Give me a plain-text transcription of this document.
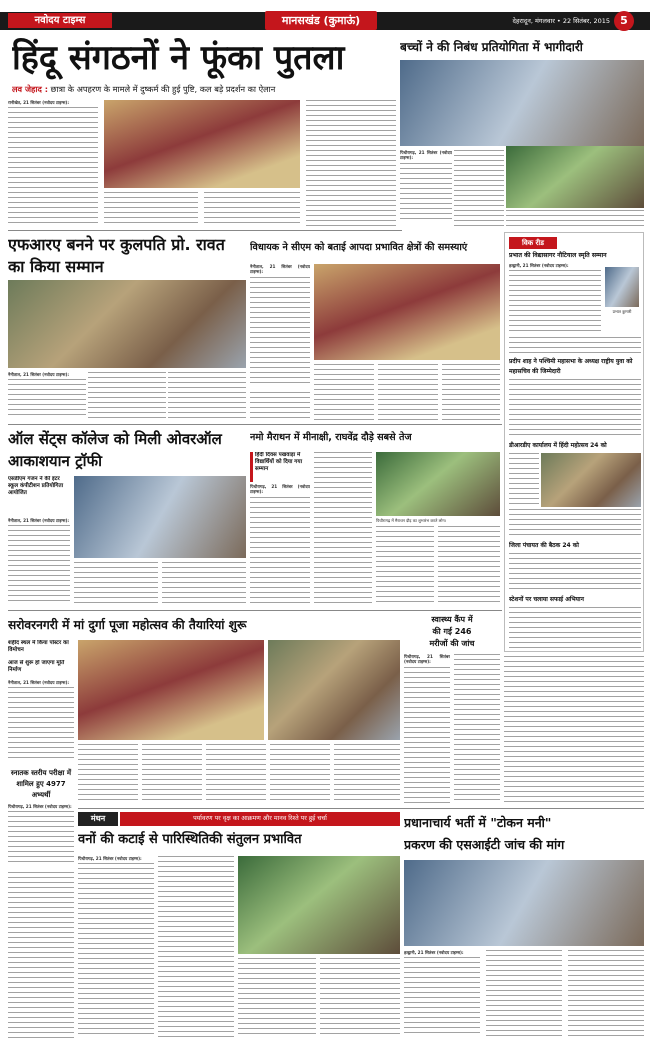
नवोदय टाइम्स	मानसखंड (कुमाऊं)	देहरादून, मंगलवार • 22 सितंबर, 2015 5
हिंदू संगठनों ने फूंका पुतला
लव जेहाद : छात्रा के अपहरण के मामले में दुष्कर्म की हुई पुष्टि, कल बड़े प्रदर्शन का ऐलान
रानीखेत, 21 सितंबर (नवोदय टाइम्स):
बच्चों ने की निबंध प्रतियोगिता में भागीदारी
पिथौरागढ़, 21 सितंबर (नवोदय टाइम्स):
एफआरए बनने पर कुलपति प्रो. रावत का किया सम्मान
नैनीताल, 21 सितंबर (नवोदय टाइम्स):
विधायक ने सीएम को बताई आपदा प्रभावित क्षेत्रों की समस्याएं
नैनीताल, 21 सितंबर (नवोदय टाइम्स):
विक रीड
प्रभात की विद्यासागर नौटियाल स्मृति सम्मान
हल्द्वानी, 21 सितंबर (नवोदय टाइम्स):
प्रभात कुमारी
प्रदीप शाह ने पश्चिमी महासभा के अध्यक्ष राष्ट्रीय युवा को महासचिव की जिम्मेदारी
डीआरडीए कार्यालय में हिंदी महोत्सव 24 को
जिला पंचायत की बैठक 24 को
स्टेशनों पर चलाया सफाई अभियान
ऑल सेंट्स कॉलेज को मिली ओवरऑल आकाशयान ट्रॉफी
एसडीएम गंजन ने की इंटर स्कूल कंपीटीशन प्रतियोगिता आयोजित
नैनीताल, 21 सितंबर (नवोदय टाइम्स):
नमो मैराथन में मीनाक्षी, राघवेंद्र दौड़े सबसे तेज
हिंदी दिवस पखवाड़ा में विद्यार्थियों को दिया गया सम्मान
पिथौरागढ़, 21 सितंबर (नवोदय टाइम्स):
पिथौरागढ़ में मैराथन दौड़ का शुभारंभ करते लोग।
सरोवरनगरी में मां दुर्गा पूजा महोत्सव की तैयारियां शुरू
शहीद स्थल में किया पोस्टर का विमोचन
आज से शुरू हो जाएगा मूर्ति निर्माण
नैनीताल, 21 सितंबर (नवोदय टाइम्स):
स्नातक स्तरीय परीक्षा में शामिल हुए 4977 अभ्यर्थी
पिथौरागढ़, 21 सितंबर (नवोदय टाइम्स):
स्वास्थ्य कैंप में
की गई 246
मरीजों की जांच
पिथौरागढ़, 21 सितंबर (नवोदय टाइम्स):
मंथन	पर्यावरण पर वृक्ष का आक्रमण और मानव रिश्ते पर हुई चर्चा
वनों की कटाई से पारिस्थितिकी संतुलन प्रभावित
पिथौरागढ़, 21 सितंबर (नवोदय टाइम्स):
प्रधानाचार्य भर्ती में "टोकन मनी"
प्रकरण की एसआईटी जांच की मांग
हल्द्वानी, 21 सितंबर (नवोदय टाइम्स):
